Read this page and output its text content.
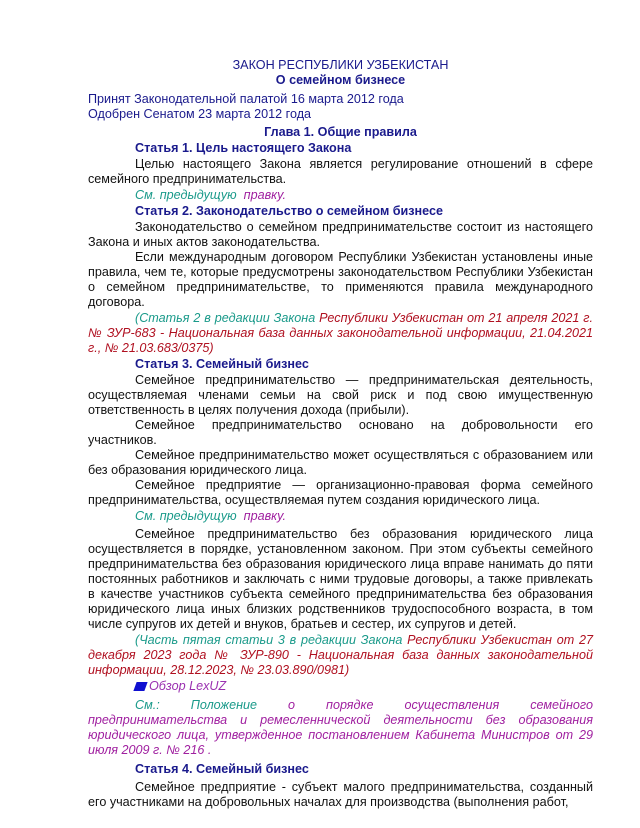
ЗАКОН РЕСПУБЛИКИ УЗБЕКИСТАН
О семейном бизнесе
Принят Законодательной палатой 16 марта 2012 года
Одобрен Сенатом 23 марта 2012 года
Глава 1. Общие правила
Статья 1. Цель настоящего Закона

Целью настоящего Закона является регулирование отношений в сфере семейного предпринимательства.

См. предыдущую правку.
Статья 2. Законодательство о семейном бизнесе

Законодательство о семейном предпринимательстве состоит из настоящего Закона и иных актов законодательства.

Если международным договором Республики Узбекистан установлены иные правила, чем те, которые предусмотрены законодательством Республики Узбекистан о семейном предпринимательстве, то применяются правила международного договора.

(Статья 2 в редакции Закона Республики Узбекистан от 21 апреля 2021 г. № ЗУР-683 - Национальная база данных законодательной информации, 21.04.2021 г., № 21.03.683/0375)
Статья 3. Семейный бизнес

Семейное предпринимательство — предпринимательская деятельность, осуществляемая членами семьи на свой риск и под свою имущественную ответственность в целях получения дохода (прибыли).

Семейное предпринимательство основано на добровольности его участников.

Семейное предпринимательство может осуществляться с образованием или без образования юридического лица.

Семейное предприятие — организационно-правовая форма семейного предпринимательства, осуществляемая путем создания юридического лица.

См. предыдущую правку.

Семейное предпринимательство без образования юридического лица осуществляется в порядке, установленном законом. При этом субъекты семейного предпринимательства без образования юридического лица вправе нанимать до пяти постоянных работников и заключать с ними трудовые договоры, а также привлекать в качестве участников субъекта семейного предпринимательства без образования юридического лица иных близких родственников трудоспособного возраста, в том числе супругов их детей и внуков, братьев и сестер, их супругов и детей.

(Часть пятая статьи 3 в редакции Закона Республики Узбекистан от 27 декабря 2023 года № ЗУР-890 - Национальная база данных законодательной информации, 28.12.2023, № 23.03.890/0981)
Обзор LexUZ
См.: Положение о порядке осуществления семейного предпринимательства и ремесленнической деятельности без образования юридического лица, утвержденное постановлением Кабинета Министров от 29 июля 2009 г. № 216 .
Статья 4. Семейный бизнес

Семейное предприятие - субъект малого предпринимательства, созданный его участниками на добровольных началах для производства (выполнения работ,
